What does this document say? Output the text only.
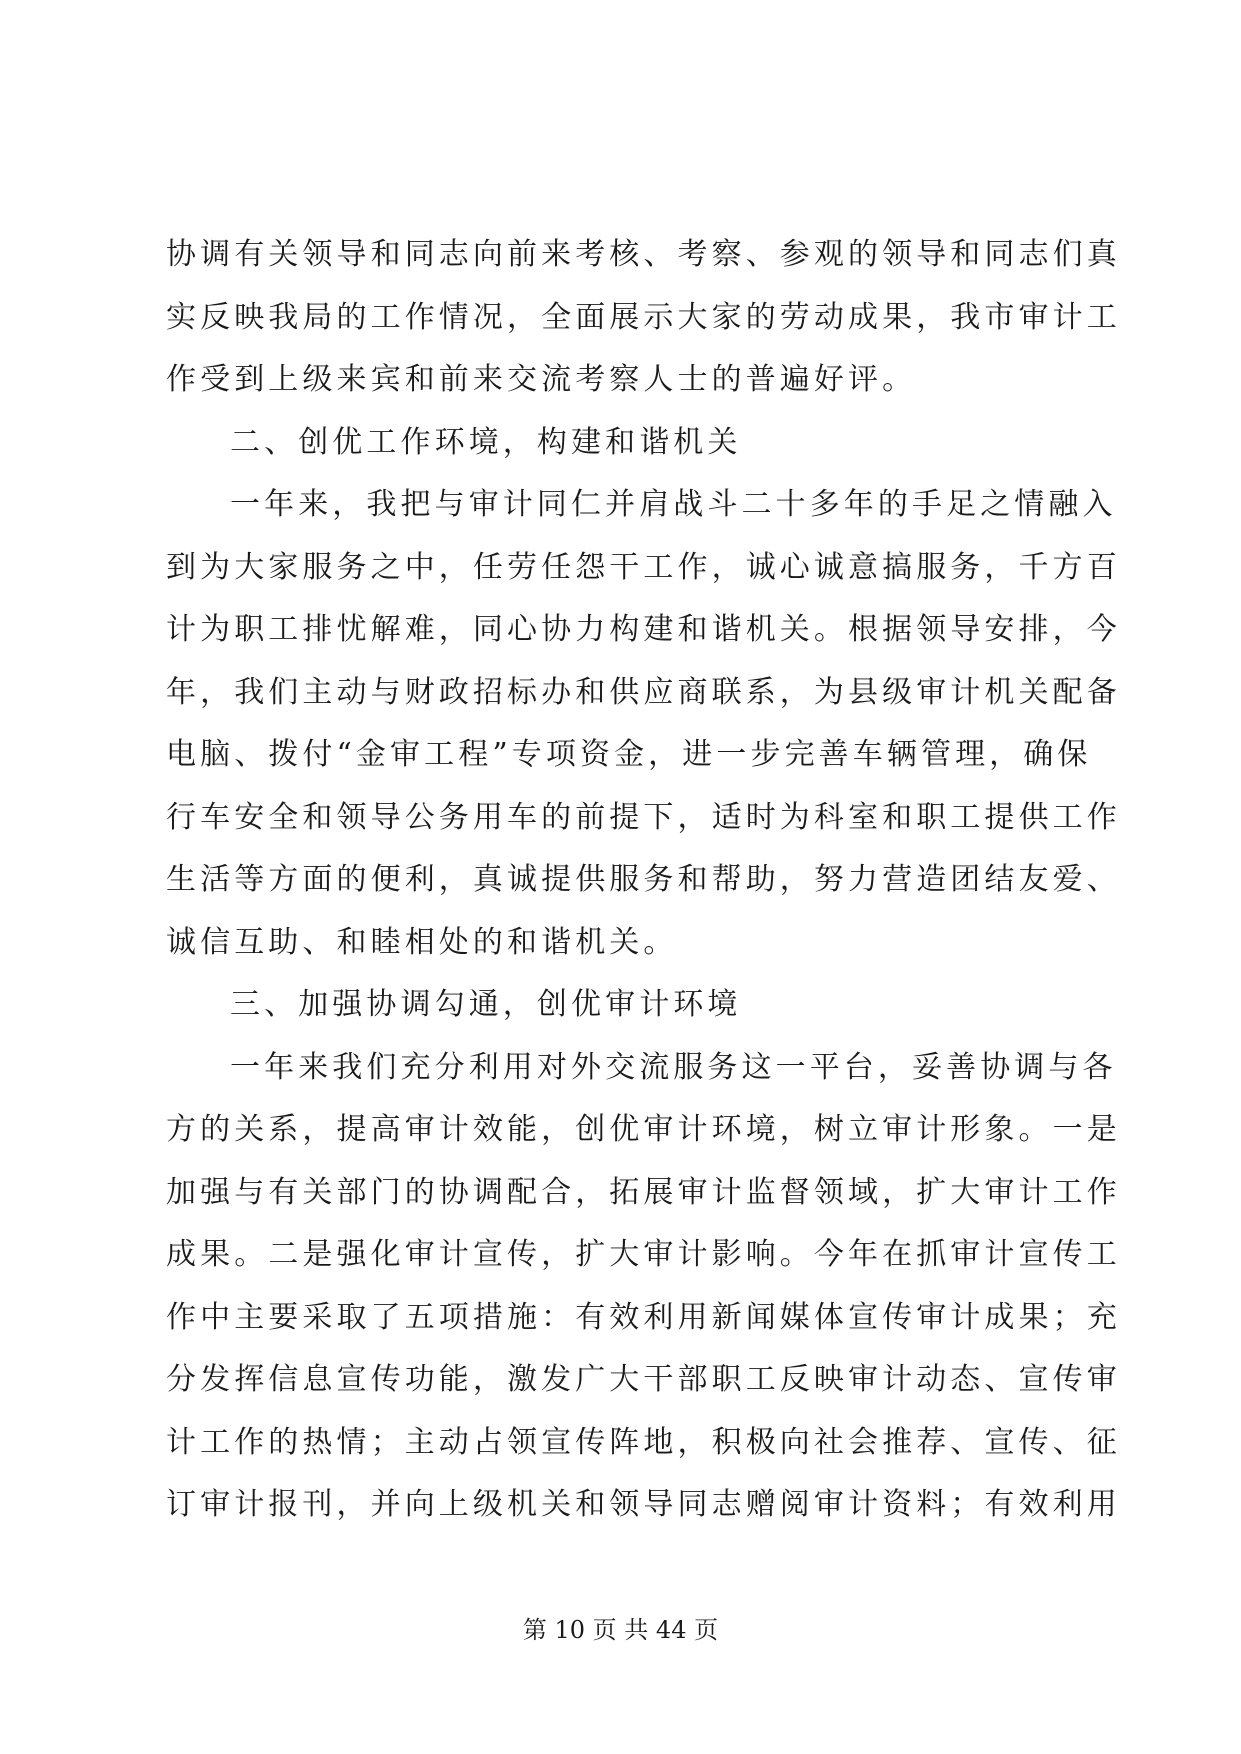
协调有关领导和同志向前来考核、考察、参观的领导和同志们真
实反映我局的工作情况，全面展示大家的劳动成果，我市审计工
作受到上级来宾和前来交流考察人士的普遍好评。
二、创优工作环境，构建和谐机关
一年来，我把与审计同仁并肩战斗二十多年的手足之情融入
到为大家服务之中，任劳任怨干工作，诚心诚意搞服务，千方百
计为职工排忧解难，同心协力构建和谐机关。根据领导安排，今
年，我们主动与财政招标办和供应商联系，为县级审计机关配备
电脑、拨付“金审工程”专项资金，进一步完善车辆管理，确保
行车安全和领导公务用车的前提下，适时为科室和职工提供工作
生活等方面的便利，真诚提供服务和帮助，努力营造团结友爱、
诚信互助、和睦相处的和谐机关。
三、加强协调勾通，创优审计环境
一年来我们充分利用对外交流服务这一平台，妥善协调与各
方的关系，提高审计效能，创优审计环境，树立审计形象。一是
加强与有关部门的协调配合，拓展审计监督领域，扩大审计工作
成果。二是强化审计宣传，扩大审计影响。今年在抓审计宣传工
作中主要采取了五项措施：有效利用新闻媒体宣传审计成果；充
分发挥信息宣传功能，激发广大干部职工反映审计动态、宣传审
计工作的热情；主动占领宣传阵地，积极向社会推荐、宣传、征
订审计报刊，并向上级机关和领导同志赠阅审计资料；有效利用
第 10 页 共 44 页
